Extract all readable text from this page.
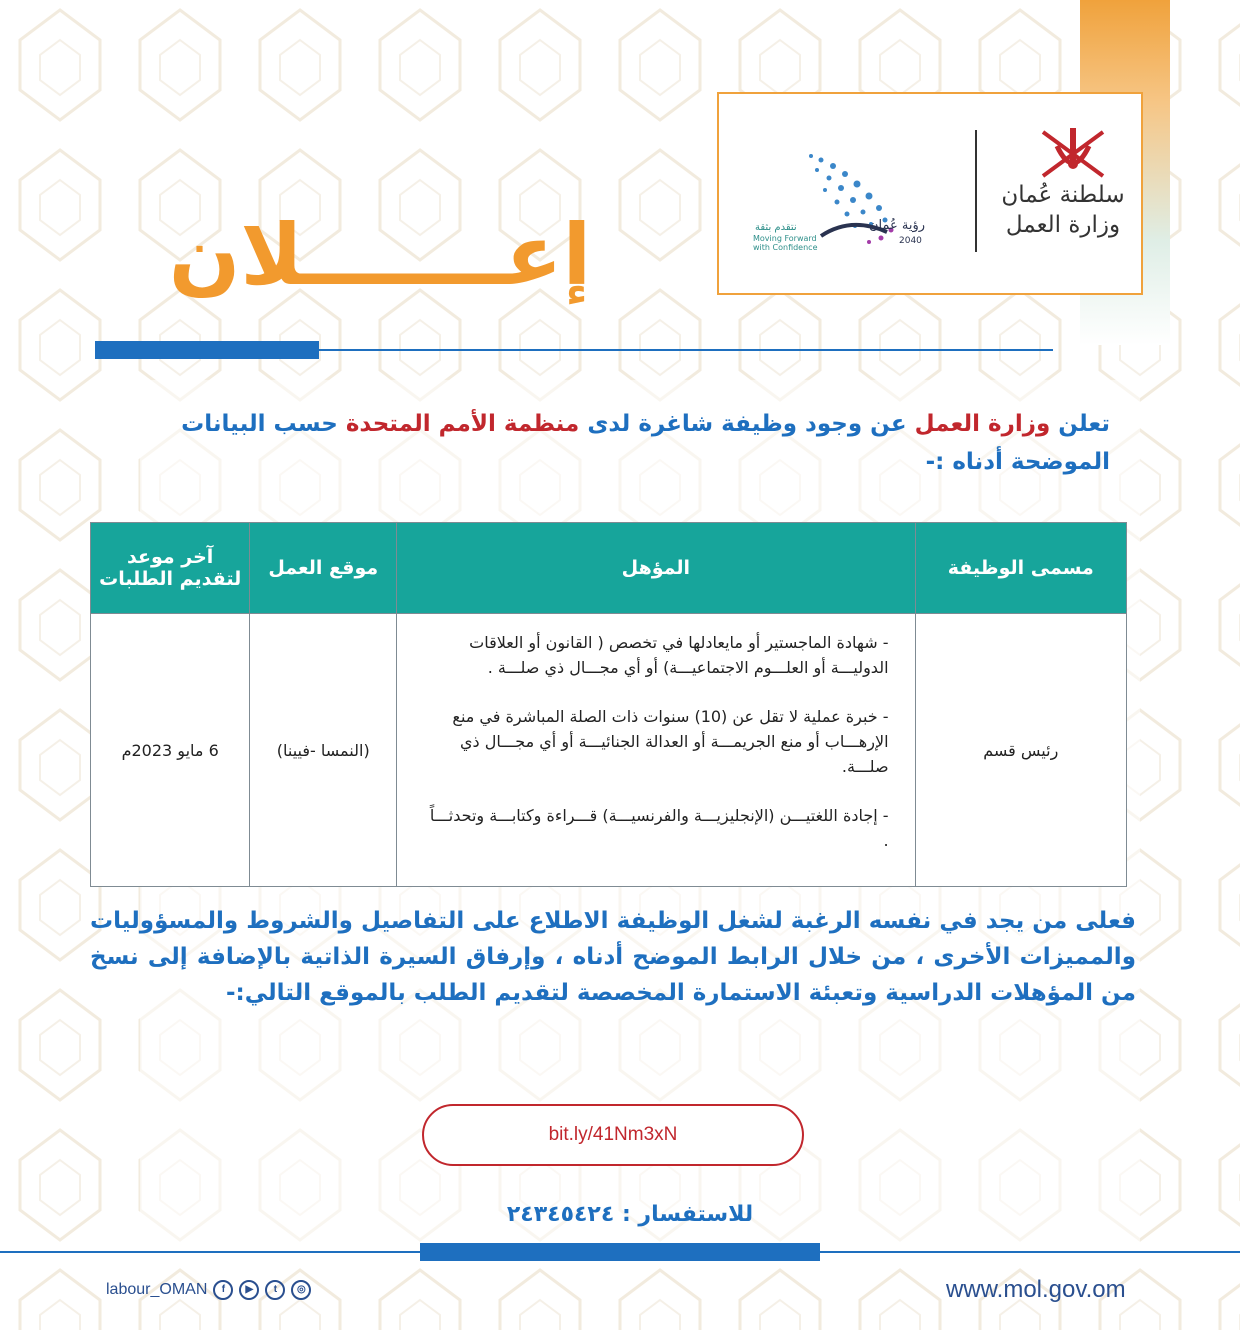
سلطنة عُمان
وزارة العمل
رؤية عُمان
2040
نتقدم بثقة
Moving Forward with Confidence
إعـــــــلان
تعلن وزارة العمل عن وجود وظيفة شاغرة لدى منظمة الأمم المتحدة حسب البيانات الموضحة أدناه :-
مسمى الوظيفة	المؤهل	موقع العمل	آخر موعد لتقديم الطلبات
رئيس قسم	- شهادة الماجستير أو مايعادلها في تخصص ( القانون أو العلاقات الدوليـــة أو العلـــوم الاجتماعيـــة) أو أي مجـــال ذي صلـــة .

- خبرة عملية لا تقل عن (10) سنوات ذات الصلة المباشرة في منع الإرهـــاب أو منع الجريمـــة أو العدالة الجنائيـــة أو أي مجـــال ذي صلـــة.

- إجادة اللغتيـــن (الإنجليزيـــة والفرنسيـــة) قـــراءة وكتابـــة وتحدثـــاً .	(النمسا -فيينا)	6 مايو 2023م
فعلى من يجد في نفسه الرغبة لشغل الوظيفة الاطلاع على التفاصيل والشروط والمسؤوليات والمميزات الأخرى ، من خلال الرابط الموضح أدناه ، وإرفاق السيرة الذاتية بالإضافة إلى نسخ من المؤهلات الدراسية وتعبئة الاستمارة المخصصة لتقديم الطلب بالموقع التالي:-
bit.ly/41Nm3xN
للاستفسار : ٢٤٣٤٥٤٢٤
labour_OMAN	f	▶	t	◎	www.mol.gov.om
